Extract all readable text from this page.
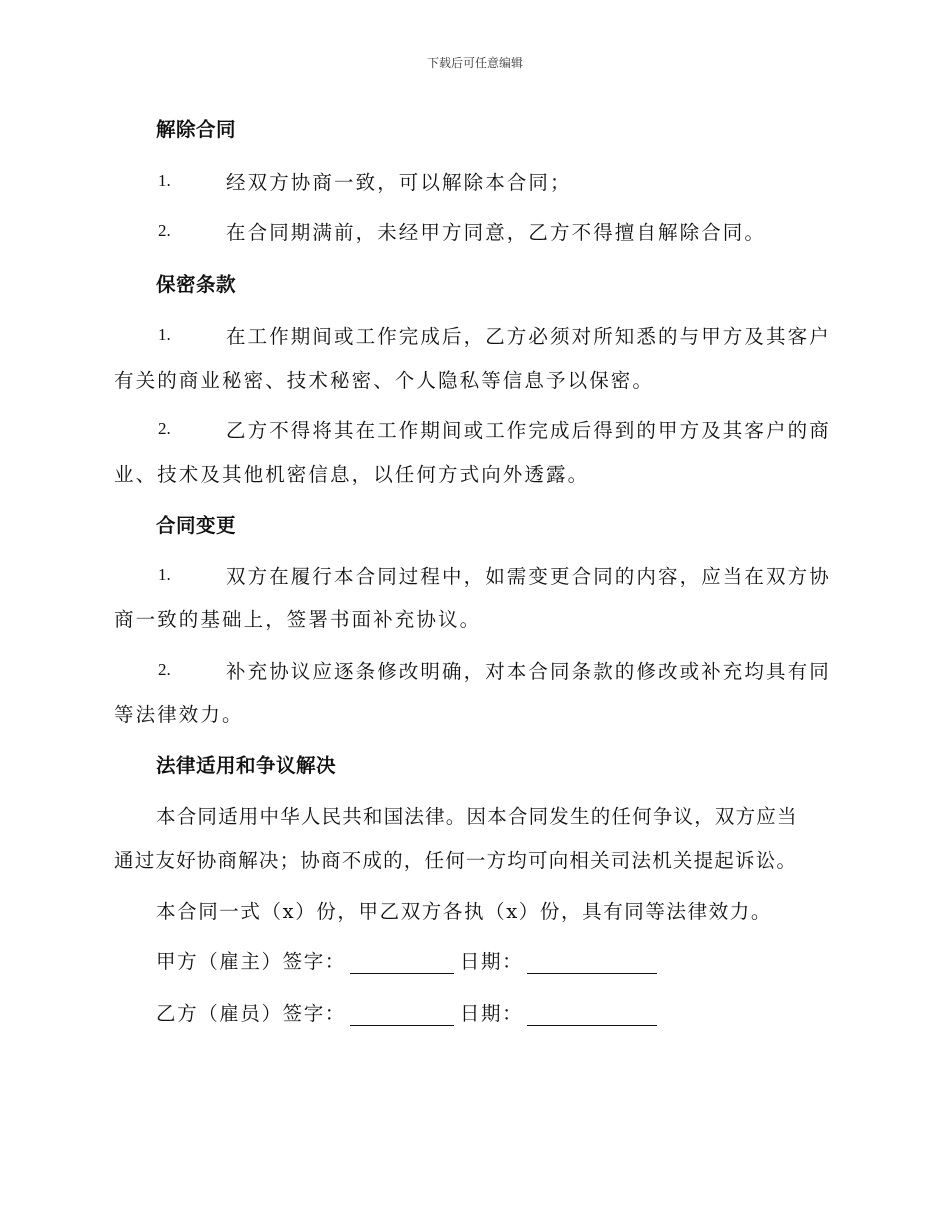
下载后可任意编辑
解除合同
1.	经双方协商一致，可以解除本合同；
2.	在合同期满前，未经甲方同意，乙方不得擅自解除合同。
保密条款
1.	在工作期间或工作完成后，乙方必须对所知悉的与甲方及其客户
有关的商业秘密、技术秘密、个人隐私等信息予以保密。
2.	乙方不得将其在工作期间或工作完成后得到的甲方及其客户的商
业、技术及其他机密信息，以任何方式向外透露。
合同变更
1.	双方在履行本合同过程中，如需变更合同的内容，应当在双方协
商一致的基础上，签署书面补充协议。
2.	补充协议应逐条修改明确，对本合同条款的修改或补充均具有同
等法律效力。
法律适用和争议解决
本合同适用中华人民共和国法律。因本合同发生的任何争议，双方应当
通过友好协商解决；协商不成的，任何一方均可向相关司法机关提起诉讼。
本合同一式（x）份，甲乙双方各执（x）份，具有同等法律效力。
甲方（雇主）签字：	日期：
乙方（雇员）签字：	日期：
